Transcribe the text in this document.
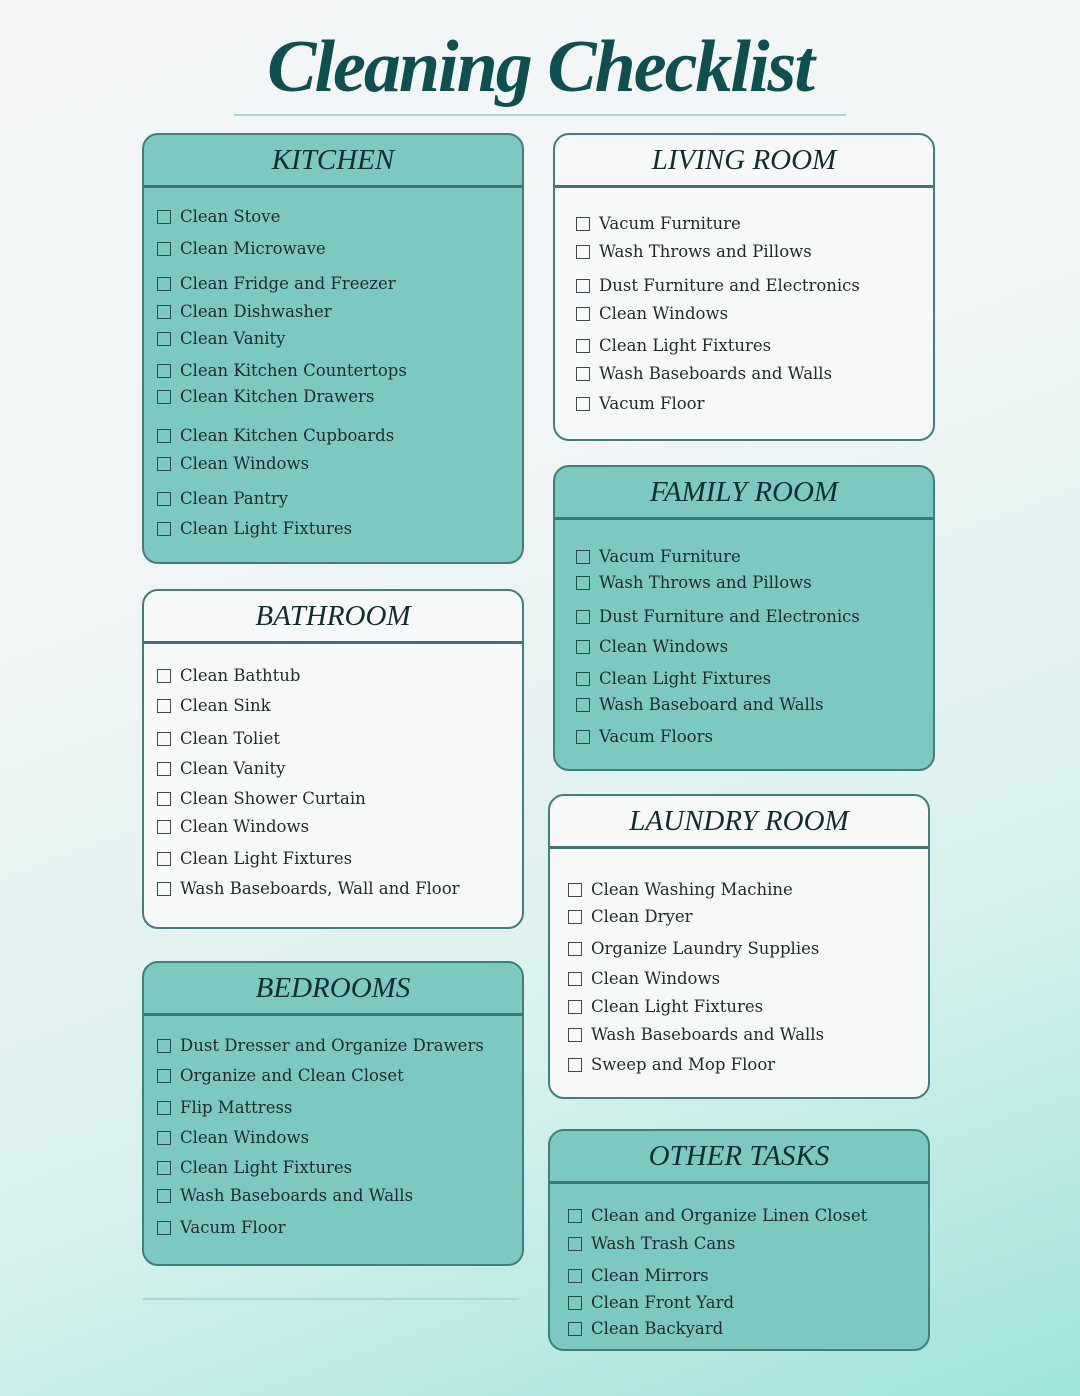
Cleaning Checklist
KITCHEN
Clean Stove
Clean Microwave
Clean Fridge and Freezer
Clean Dishwasher
Clean Vanity
Clean Kitchen Countertops
Clean Kitchen Drawers
Clean Kitchen Cupboards
Clean Windows
Clean Pantry
Clean Light Fixtures
BATHROOM
Clean Bathtub
Clean Sink
Clean Toliet
Clean Vanity
Clean Shower Curtain
Clean Windows
Clean Light Fixtures
Wash Baseboards, Wall and Floor
BEDROOMS
Dust Dresser and Organize Drawers
Organize and Clean Closet
Flip Mattress
Clean Windows
Clean Light Fixtures
Wash Baseboards and Walls
Vacum Floor
LIVING ROOM
Vacum Furniture
Wash Throws and Pillows
Dust Furniture and Electronics
Clean Windows
Clean Light Fixtures
Wash Baseboards and Walls
Vacum Floor
FAMILY ROOM
Vacum Furniture
Wash Throws and Pillows
Dust Furniture and Electronics
Clean Windows
Clean Light Fixtures
Wash Baseboard and Walls
Vacum Floors
LAUNDRY ROOM
Clean Washing Machine
Clean Dryer
Organize Laundry Supplies
Clean Windows
Clean Light Fixtures
Wash Baseboards and Walls
Sweep and Mop Floor
OTHER TASKS
Clean and Organize Linen Closet
Wash Trash Cans
Clean Mirrors
Clean Front Yard
Clean Backyard
